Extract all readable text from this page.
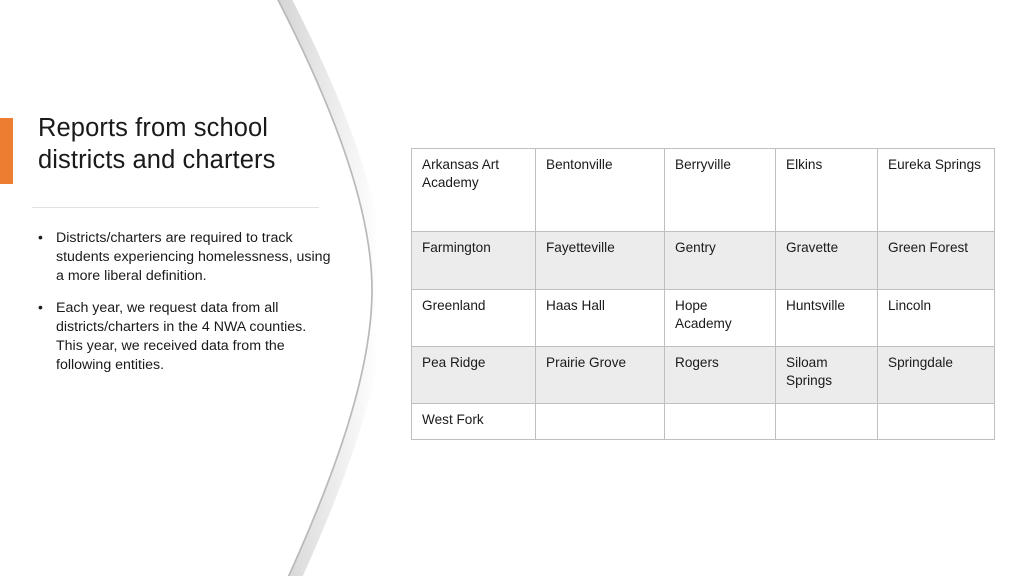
Reports from school districts and charters
• Districts/charters are required to track students experiencing homelessness, using a more liberal definition.
• Each year, we request data from all districts/charters in the 4 NWA counties.  This year, we received data from the following entities.
Arkansas Art Academy	Bentonville	Berryville	Elkins	Eureka Springs
Farmington	Fayetteville	Gentry	Gravette	Green Forest
Greenland	Haas Hall	Hope Academy	Huntsville	Lincoln
Pea Ridge	Prairie Grove	Rogers	Siloam Springs	Springdale
West Fork				
